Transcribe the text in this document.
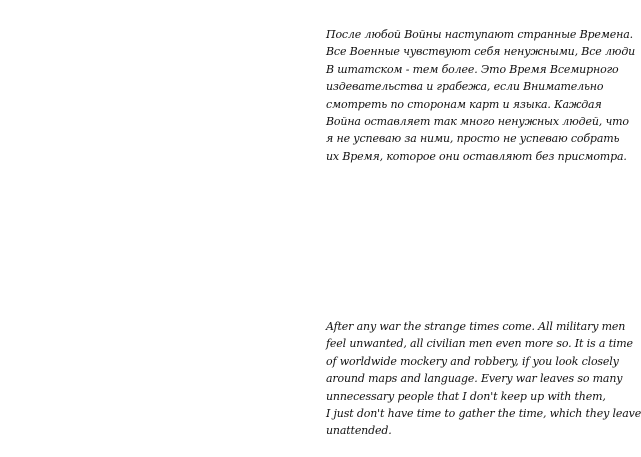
После любой Войны наступают странные Времена.
Все Военные чувствуют себя ненужными, Все люди
В штатском - тем более. Это Время Всемирного
издевательства и грабежа, если Внимательно
смотреть по сторонам карт и языка. Каждая
Война оставляет так много ненужных людей, что
я не успеваю за ними, просто не успеваю собрать
их Время, которое они оставляют без присмотра.
After any war the strange times come. All military men
feel unwanted, all civilian men even more so. It is a time
of worldwide mockery and robbery, if you look closely
around maps and language. Every war leaves so many
unnecessary people that I don't keep up with them,
I just don't have time to gather the time, which they leave
unattended.
